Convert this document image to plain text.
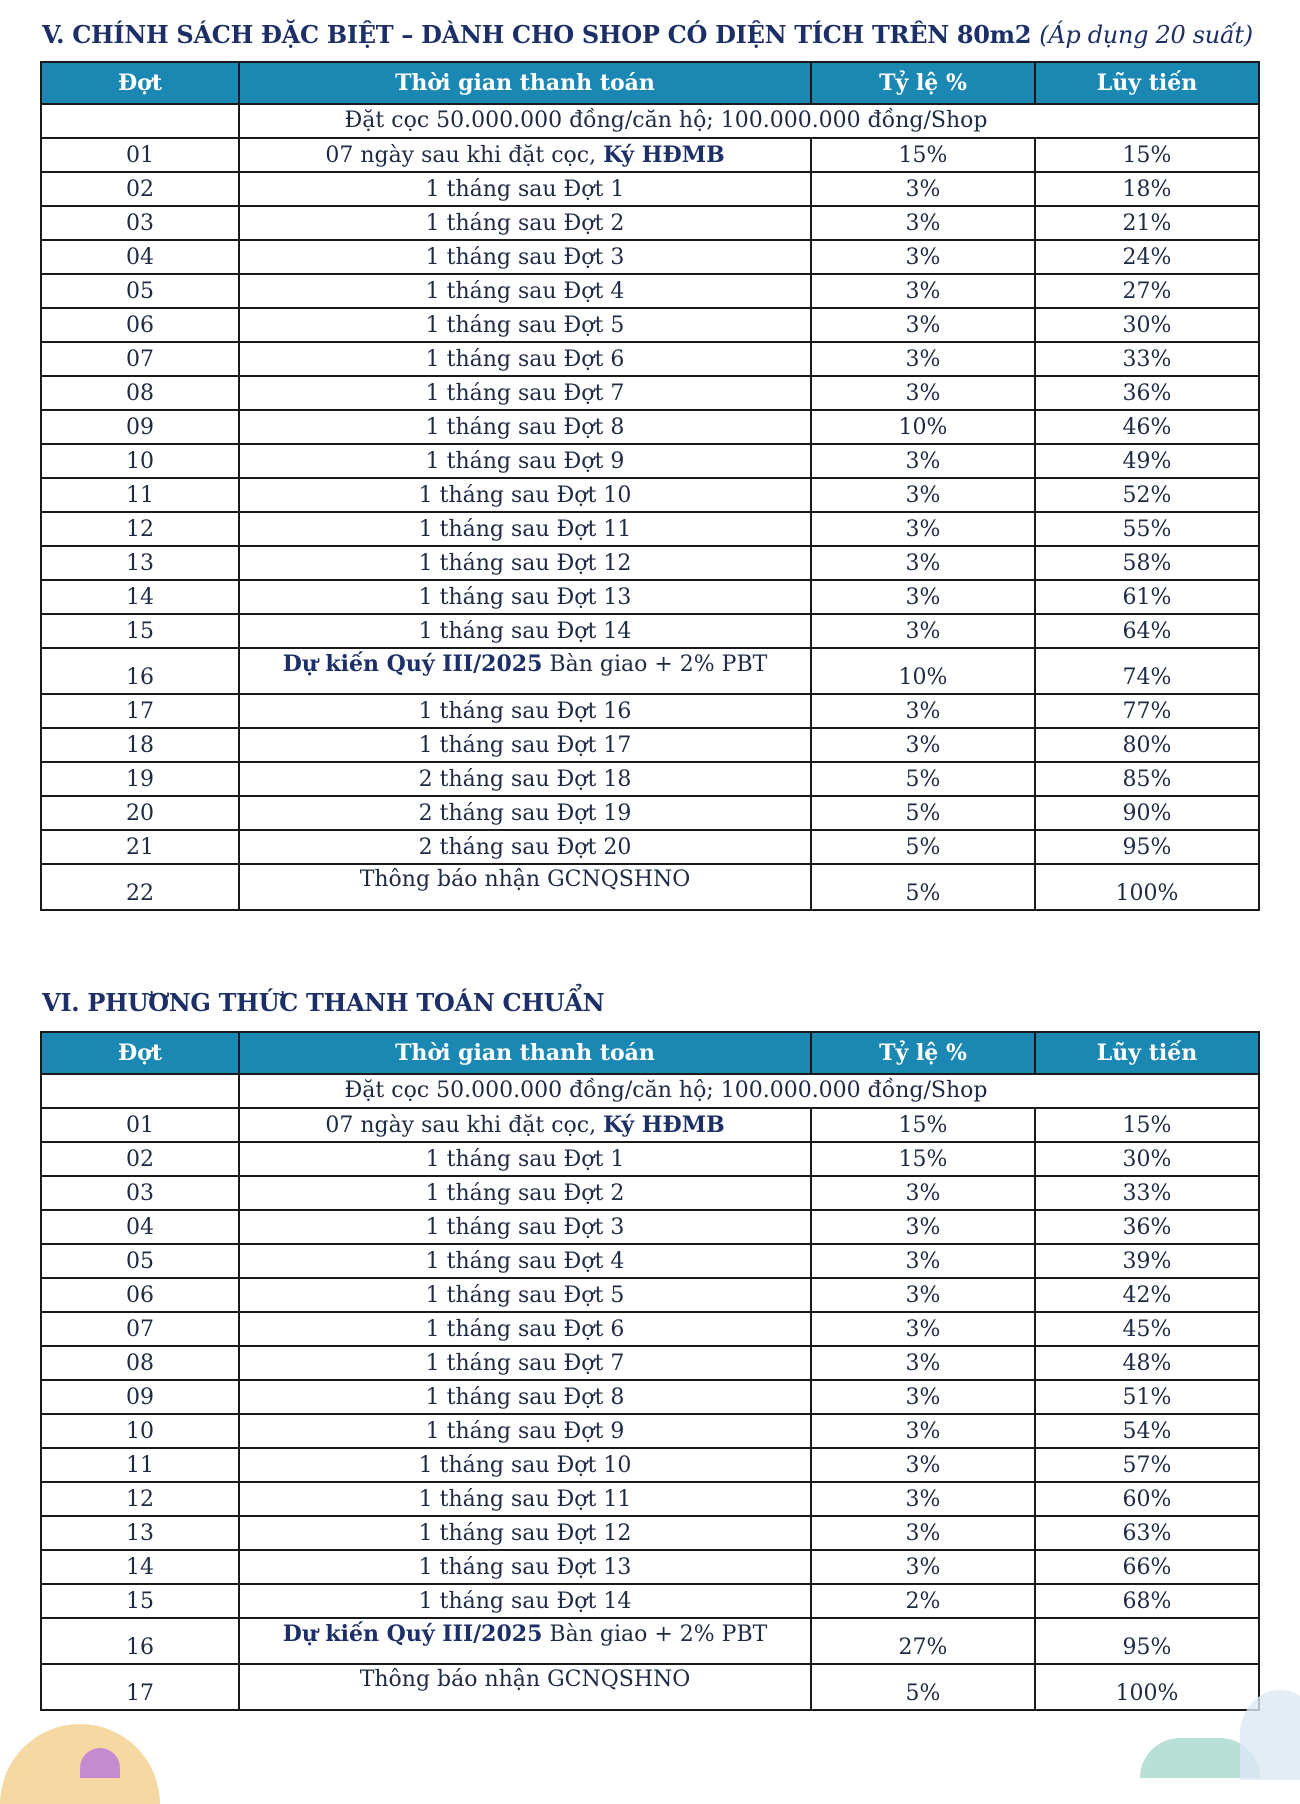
V. CHÍNH SÁCH ĐẶC BIỆT – DÀNH CHO SHOP CÓ DIỆN TÍCH TRÊN 80m2 (Áp dụng 20 suất)
Đợt	Thời gian thanh toán	Tỷ lệ %	Lũy tiến
	Đặt cọc 50.000.000 đồng/căn hộ; 100.000.000 đồng/Shop		
01	07 ngày sau khi đặt cọc, Ký HĐMB	15%	15%
02	1 tháng sau Đợt 1	3%	18%
03	1 tháng sau Đợt 2	3%	21%
04	1 tháng sau Đợt 3	3%	24%
05	1 tháng sau Đợt 4	3%	27%
06	1 tháng sau Đợt 5	3%	30%
07	1 tháng sau Đợt 6	3%	33%
08	1 tháng sau Đợt 7	3%	36%
09	1 tháng sau Đợt 8	10%	46%
10	1 tháng sau Đợt 9	3%	49%
11	1 tháng sau Đợt 10	3%	52%
12	1 tháng sau Đợt 11	3%	55%
13	1 tháng sau Đợt 12	3%	58%
14	1 tháng sau Đợt 13	3%	61%
15	1 tháng sau Đợt 14	3%	64%
16	Dự kiến Quý III/2025 Bàn giao + 2% PBT	10%	74%
17	1 tháng sau Đợt 16	3%	77%
18	1 tháng sau Đợt 17	3%	80%
19	2 tháng sau Đợt 18	5%	85%
20	2 tháng sau Đợt 19	5%	90%
21	2 tháng sau Đợt 20	5%	95%
22	Thông báo nhận GCNQSHNO	5%	100%
VI. PHƯƠNG THỨC THANH TOÁN CHUẨN
Đợt	Thời gian thanh toán	Tỷ lệ %	Lũy tiến
	Đặt cọc 50.000.000 đồng/căn hộ; 100.000.000 đồng/Shop		
01	07 ngày sau khi đặt cọc, Ký HĐMB	15%	15%
02	1 tháng sau Đợt 1	15%	30%
03	1 tháng sau Đợt 2	3%	33%
04	1 tháng sau Đợt 3	3%	36%
05	1 tháng sau Đợt 4	3%	39%
06	1 tháng sau Đợt 5	3%	42%
07	1 tháng sau Đợt 6	3%	45%
08	1 tháng sau Đợt 7	3%	48%
09	1 tháng sau Đợt 8	3%	51%
10	1 tháng sau Đợt 9	3%	54%
11	1 tháng sau Đợt 10	3%	57%
12	1 tháng sau Đợt 11	3%	60%
13	1 tháng sau Đợt 12	3%	63%
14	1 tháng sau Đợt 13	3%	66%
15	1 tháng sau Đợt 14	2%	68%
16	Dự kiến Quý III/2025 Bàn giao + 2% PBT	27%	95%
17	Thông báo nhận GCNQSHNO	5%	100%
